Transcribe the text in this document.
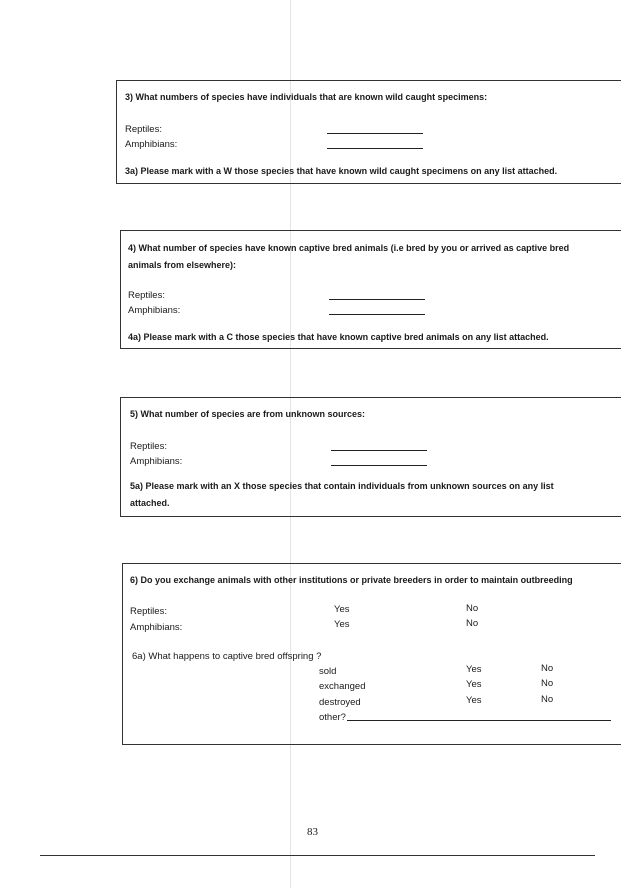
3) What numbers of species have individuals that are known wild caught specimens:
Reptiles:
Amphibians:
3a) Please mark with a W those species that have known wild caught specimens on any list attached.
4) What number of species have known captive bred animals (i.e bred by you or arrived as captive bred
animals from elsewhere):
Reptiles:
Amphibians:
4a) Please mark with a C those species that have known captive bred animals on any list attached.
5) What number of species are from unknown sources:
Reptiles:
Amphibians:
5a) Please mark with an X those species that contain individuals from unknown sources on any list
attached.
6) Do you exchange animals with other institutions or private breeders in order to maintain outbreeding
Reptiles:	Yes	No
Amphibians:	Yes	No
6a) What happens to captive bred offspring ?
sold	Yes	No
exchanged	Yes	No
destroyed	Yes	No
other?
83
